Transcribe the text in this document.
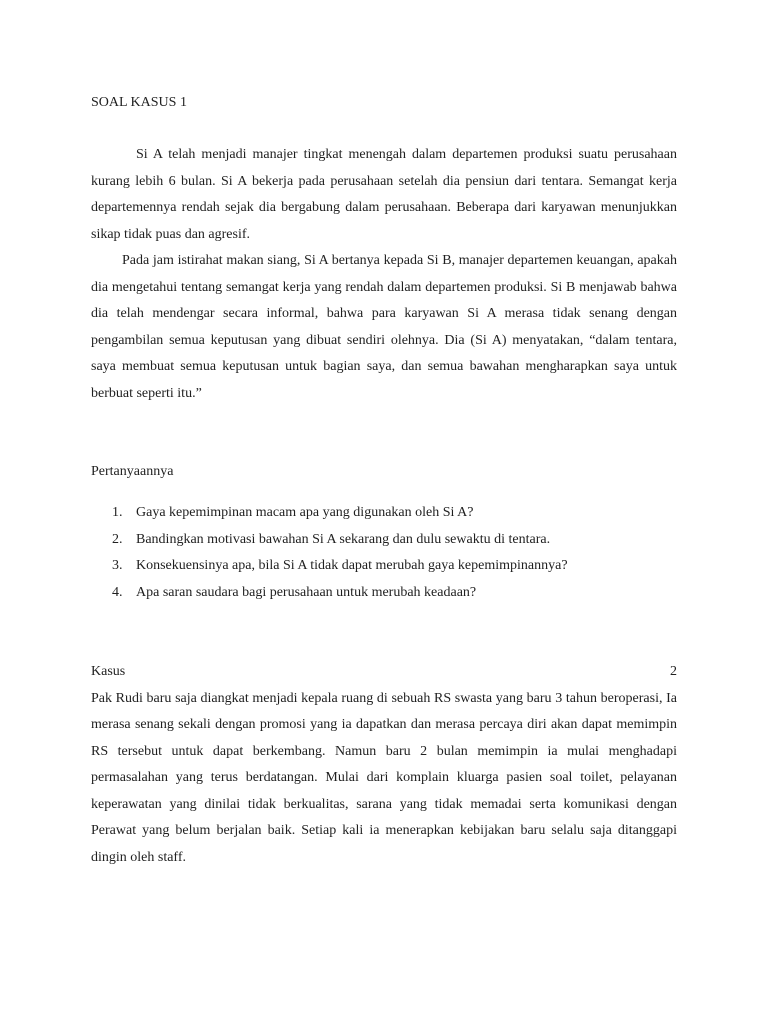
SOAL KASUS 1

Si A telah menjadi manajer tingkat menengah dalam departemen produksi suatu perusahaan kurang lebih 6 bulan. Si A bekerja pada perusahaan setelah dia pensiun dari tentara. Semangat kerja departemennya rendah sejak dia bergabung dalam perusahaan. Beberapa dari karyawan menunjukkan sikap tidak puas dan agresif.

Pada jam istirahat makan siang, Si A bertanya kepada Si B, manajer departemen keuangan, apakah dia mengetahui tentang semangat kerja yang rendah dalam departemen produksi. Si B menjawab bahwa dia telah mendengar secara informal, bahwa para karyawan Si A merasa tidak senang dengan pengambilan semua keputusan yang dibuat sendiri olehnya. Dia (Si A) menyatakan, “dalam tentara, saya membuat semua keputusan untuk bagian saya, dan semua bawahan mengharapkan saya untuk berbuat seperti itu.”

Pertanyaannya

1. Gaya kepemimpinan macam apa yang digunakan oleh Si A?
2. Bandingkan motivasi bawahan Si A sekarang dan dulu sewaktu di tentara.
3. Konsekuensinya apa, bila Si A tidak dapat merubah gaya kepemimpinannya?
4. Apa saran saudara bagi perusahaan untuk merubah keadaan?
Kasus	2

Pak Rudi baru saja diangkat menjadi kepala ruang di sebuah RS swasta yang baru 3 tahun beroperasi, Ia merasa senang sekali dengan promosi yang ia dapatkan dan merasa percaya diri akan dapat memimpin RS tersebut untuk dapat berkembang. Namun baru 2 bulan memimpin ia mulai menghadapi permasalahan yang terus berdatangan. Mulai dari komplain kluarga pasien soal toilet, pelayanan keperawatan yang dinilai tidak berkualitas, sarana yang tidak memadai serta komunikasi dengan Perawat yang belum berjalan baik. Setiap kali ia menerapkan kebijakan baru selalu saja ditanggapi dingin oleh staff.
